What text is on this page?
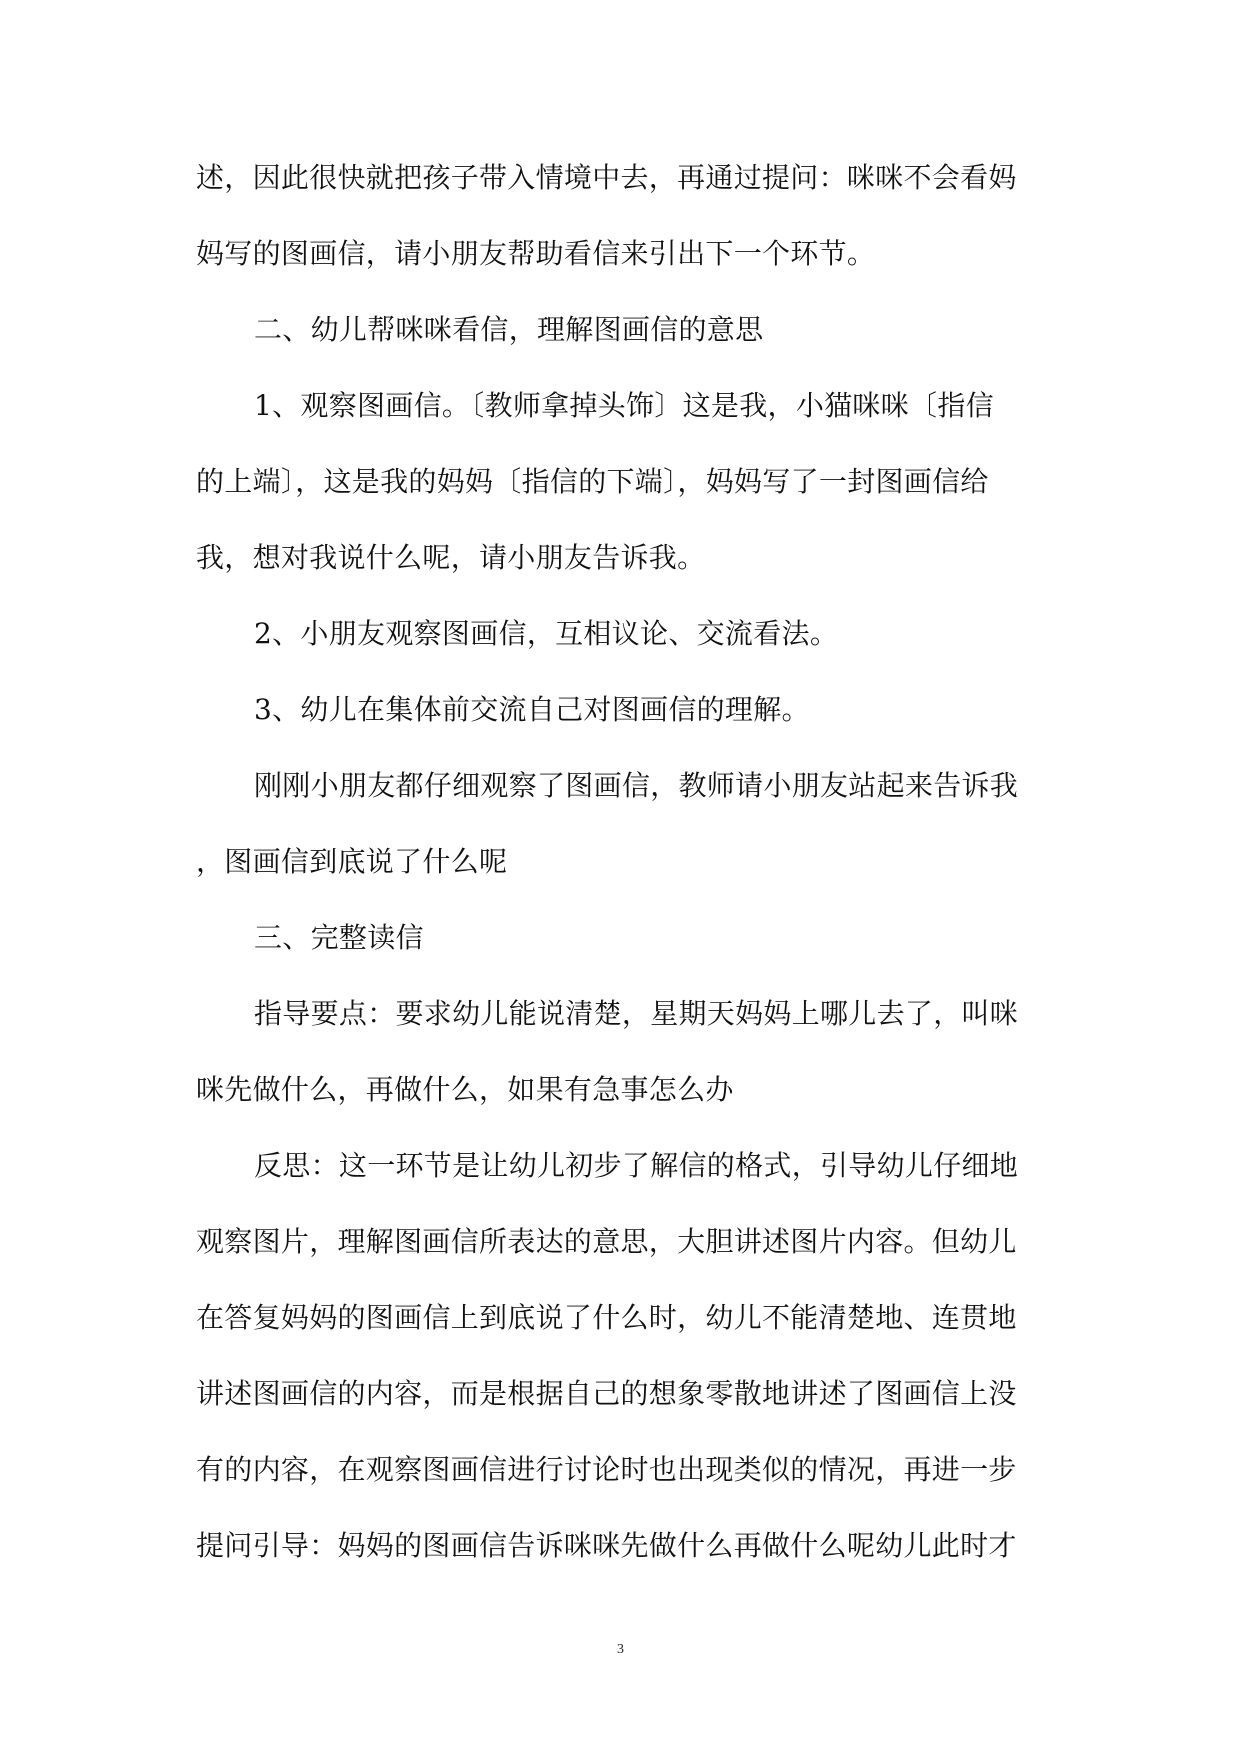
述，因此很快就把孩子带入情境中去，再通过提问：咪咪不会看妈
妈写的图画信，请小朋友帮助看信来引出下一个环节。
二、幼儿帮咪咪看信，理解图画信的意思
1、观察图画信。〔教师拿掉头饰〕这是我，小猫咪咪〔指信
的上端〕，这是我的妈妈〔指信的下端〕，妈妈写了一封图画信给
我，想对我说什么呢，请小朋友告诉我。
2、小朋友观察图画信，互相议论、交流看法。
3、幼儿在集体前交流自己对图画信的理解。
刚刚小朋友都仔细观察了图画信，教师请小朋友站起来告诉我
，图画信到底说了什么呢
三、完整读信
指导要点：要求幼儿能说清楚，星期天妈妈上哪儿去了，叫咪
咪先做什么，再做什么，如果有急事怎么办
反思：这一环节是让幼儿初步了解信的格式，引导幼儿仔细地
观察图片，理解图画信所表达的意思，大胆讲述图片内容。但幼儿
在答复妈妈的图画信上到底说了什么时，幼儿不能清楚地、连贯地
讲述图画信的内容，而是根据自己的想象零散地讲述了图画信上没
有的内容，在观察图画信进行讨论时也出现类似的情况，再进一步
提问引导：妈妈的图画信告诉咪咪先做什么再做什么呢幼儿此时才
3
